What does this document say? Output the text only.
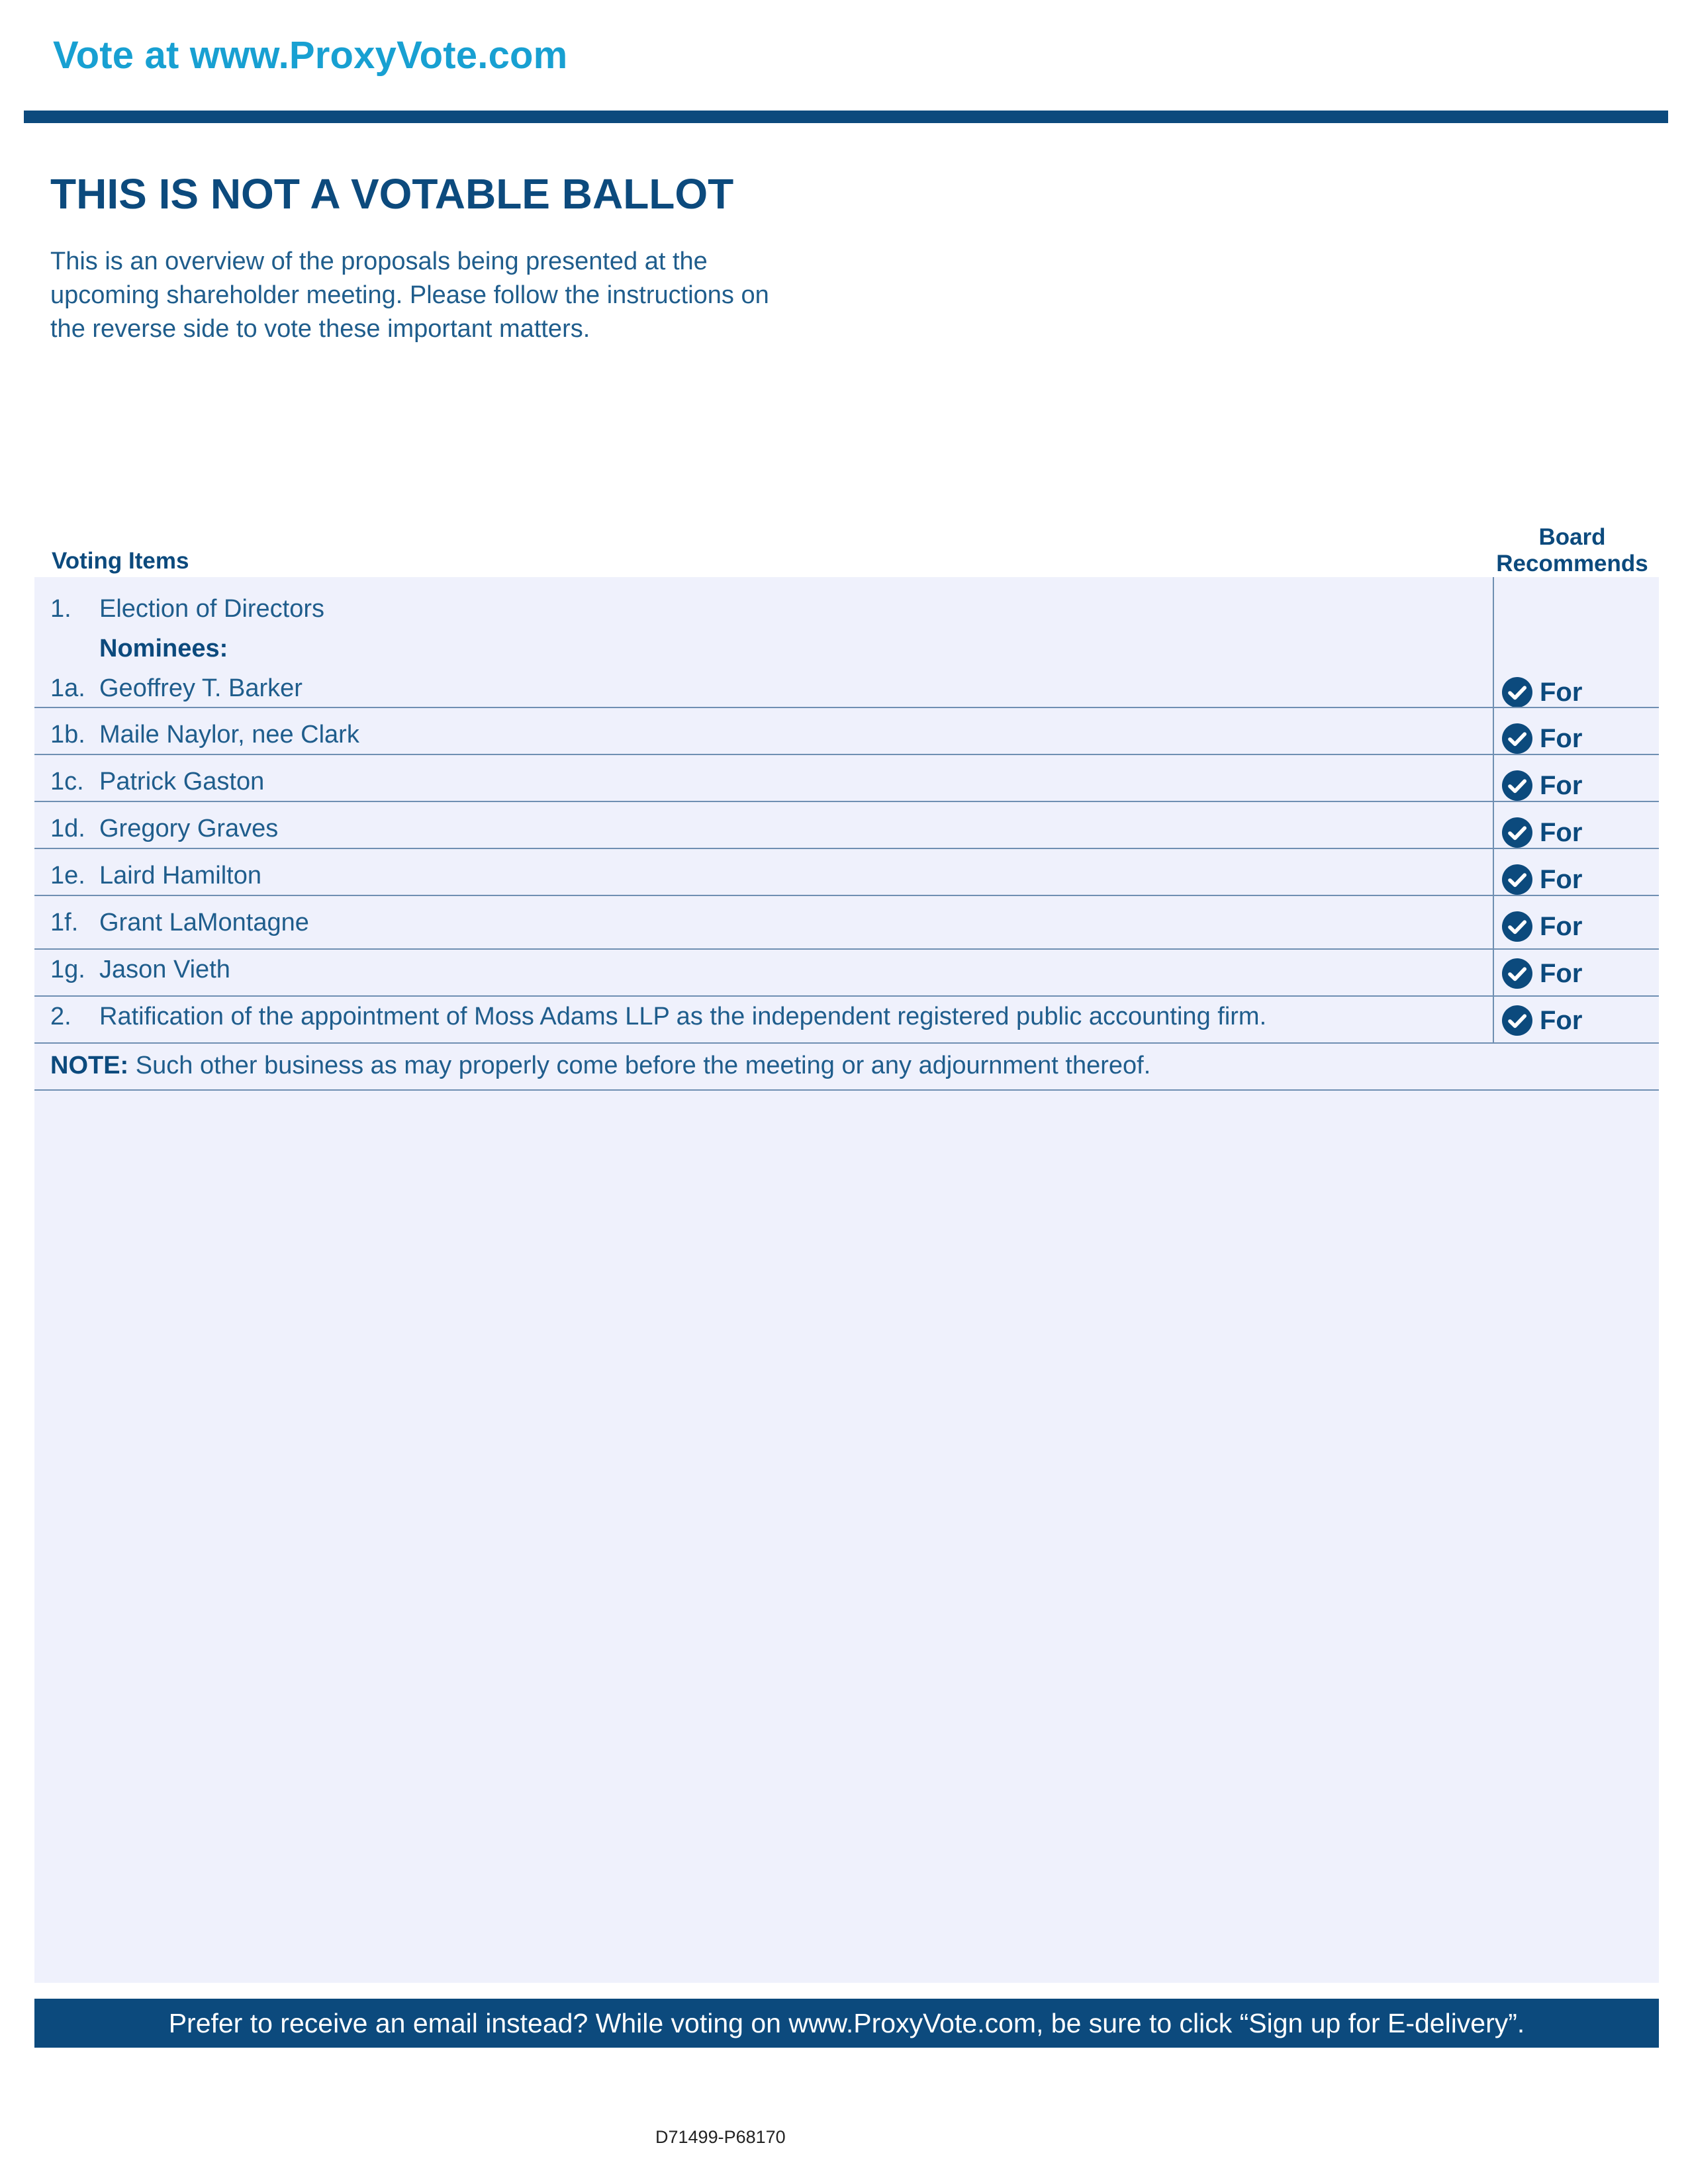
Vote at www.ProxyVote.com
THIS IS NOT A VOTABLE BALLOT
This is an overview of the proposals being presented at the
upcoming shareholder meeting. Please follow the instructions on
the reverse side to vote these important matters.
Voting Items
Board
Recommends
1. Election of Directors
Nominees:
1a. Geoffrey T. Barker	For
1b. Maile Naylor, nee Clark	For
1c. Patrick Gaston	For
1d. Gregory Graves	For
1e. Laird Hamilton	For
1f. Grant LaMontagne	For
1g. Jason Vieth	For
2. Ratification of the appointment of Moss Adams LLP as the independent registered public accounting firm.	For
NOTE: Such other business as may properly come before the meeting or any adjournment thereof.
Prefer to receive an email instead? While voting on www.ProxyVote.com, be sure to click “Sign up for E-delivery”.
D71499-P68170
